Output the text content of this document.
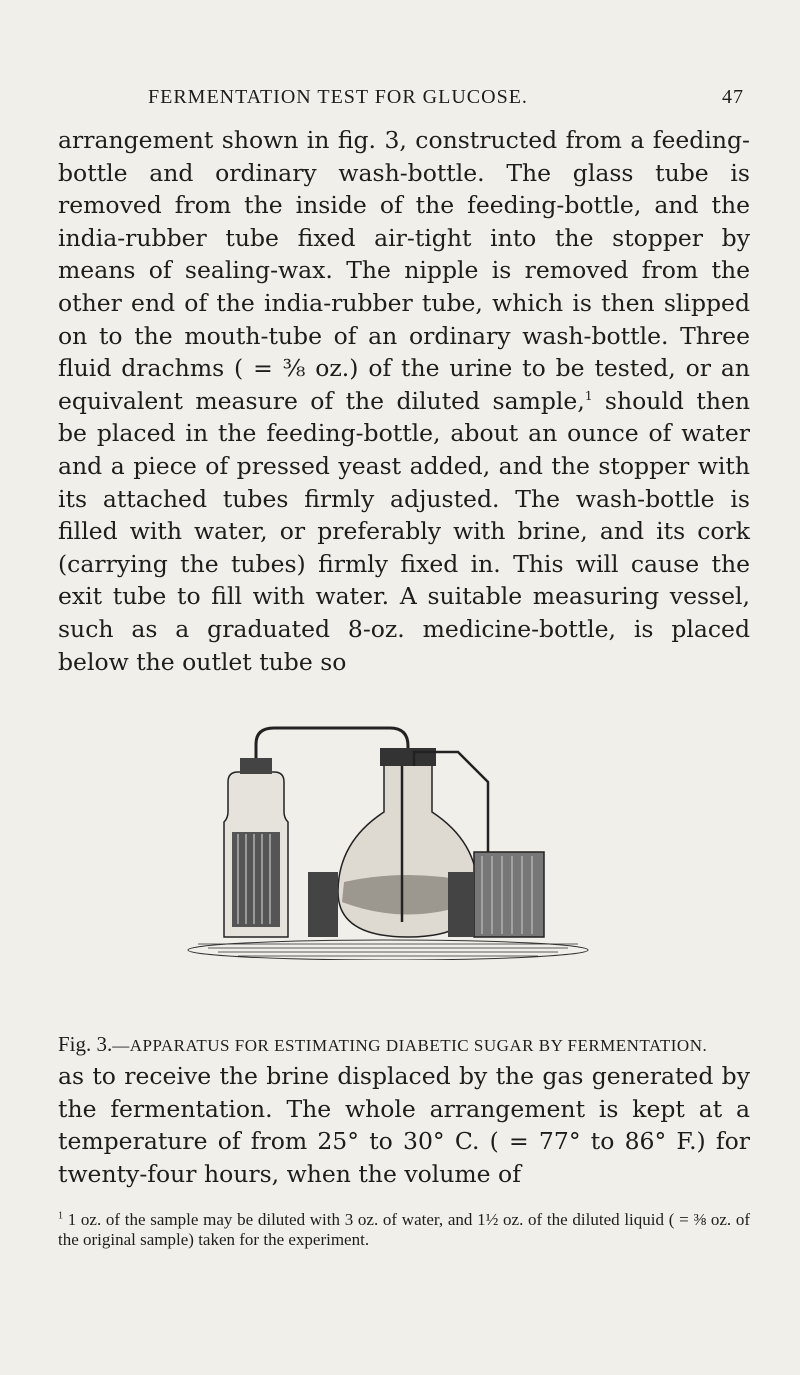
FERMENTATION TEST FOR GLUCOSE.	47

arrangement shown in fig. 3, constructed from a feeding-bottle and ordinary wash-bottle. The glass tube is removed from the inside of the feeding-bottle, and the india-rubber tube fixed air-tight into the stopper by means of sealing-wax. The nipple is removed from the other end of the india-rubber tube, which is then slipped on to the mouth-tube of an ordinary wash-bottle. Three fluid drachms ( = ⅜ oz.) of the urine to be tested, or an equivalent measure of the diluted sample,$^1$ should then be placed in the feeding-bottle, about an ounce of water and a piece of pressed yeast added, and the stopper with its attached tubes firmly adjusted. The wash-bottle is filled with water, or preferably with brine, and its cork (carrying the tubes) firmly fixed in. This will cause the exit tube to fill with water. A suitable measuring vessel, such as a graduated 8-oz. medicine-bottle, is placed below the outlet tube so

Fig. 3.—APPARATUS FOR ESTIMATING DIABETIC SUGAR BY FERMENTATION.

as to receive the brine displaced by the gas generated by the fermentation. The whole arrangement is kept at a temperature of from 25° to 30° C. ( = 77° to 86° F.) for twenty-four hours, when the volume of

$^1$ 1 oz. of the sample may be diluted with 3 oz. of water, and 1½ oz. of the diluted liquid ( = ⅜ oz. of the original sample) taken for the experiment.
